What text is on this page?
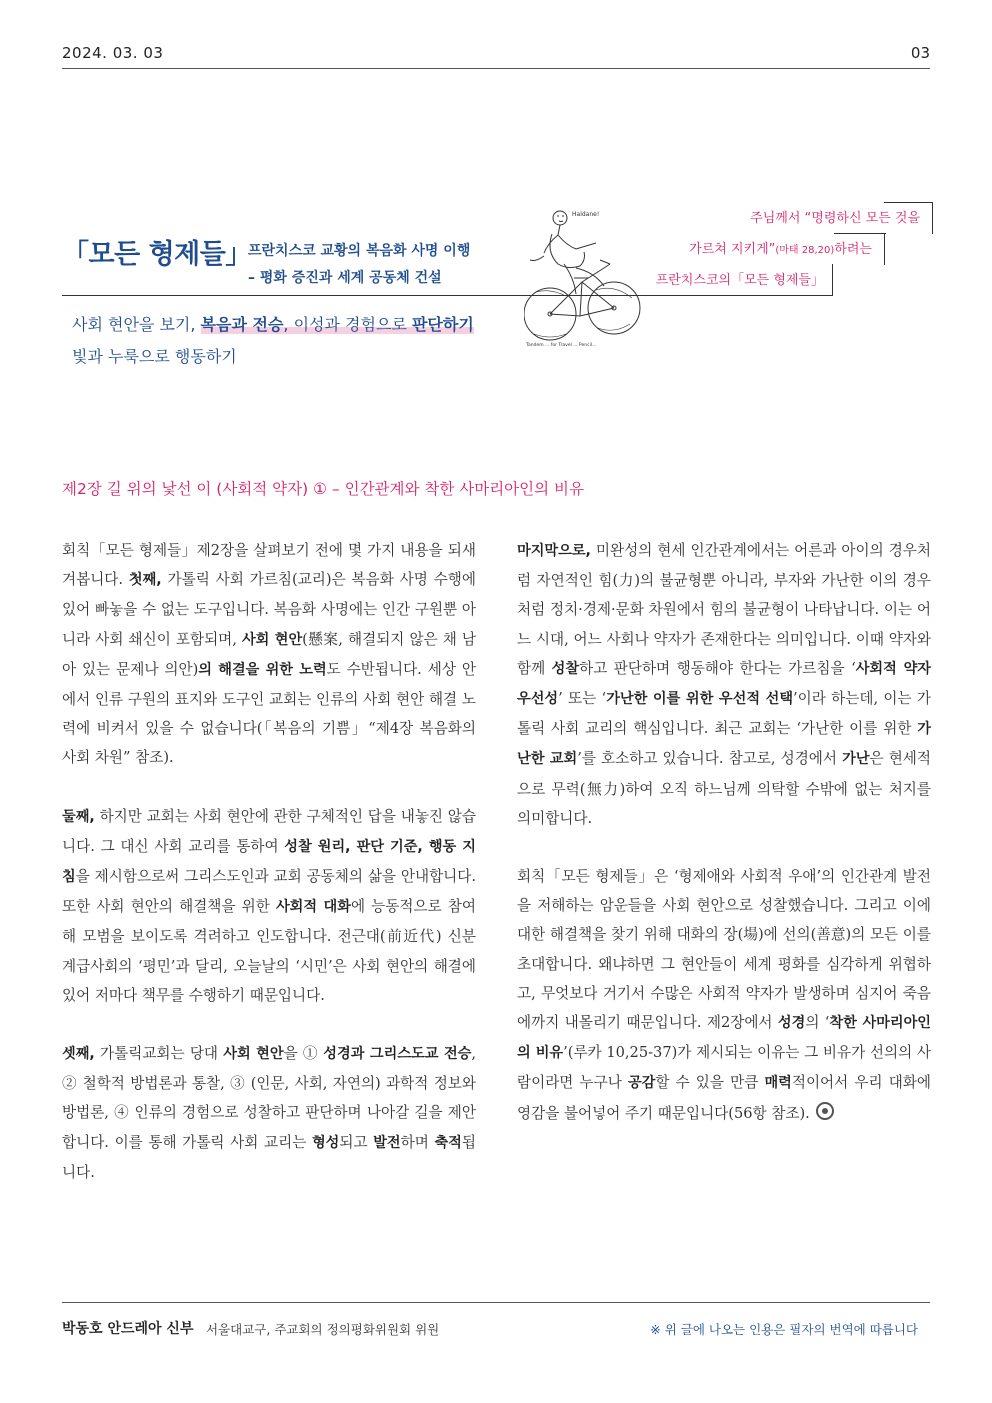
2024. 03. 03	03
「모든 형제들」
프란치스코 교황의 복음화 사명 이행
– 평화 증진과 세계 공동체 건설
사회 현안을 보기, 복음과 전승, 이성과 경험으로 판단하기
빛과 누룩으로 행동하기
Haldane!
Tandem ... for Travel ... Pencil...
주님께서 “명령하신 모든 것을
가르쳐 지키게”(마태 28,20)하려는
프란치스코의「모든 형제들」
제2장 길 위의 낯선 이 (사회적 약자) ① – 인간관계와 착한 사마리아인의 비유

회칙「모든 형제들」제2장을 살펴보기 전에 몇 가지 내용을 되새겨봅니다. 첫째, 가톨릭 사회 가르침(교리)은 복음화 사명 수행에 있어 빠놓을 수 없는 도구입니다. 복음화 사명에는 인간 구원뿐 아니라 사회 쇄신이 포함되며, 사회 현안(懸案, 해결되지 않은 채 남아 있는 문제나 의안)의 해결을 위한 노력도 수반됩니다. 세상 안에서 인류 구원의 표지와 도구인 교회는 인류의 사회 현안 해결 노력에 비켜서 있을 수 없습니다(「복음의 기쁨」“제4장 복음화의 사회 차원” 참조).

둘째, 하지만 교회는 사회 현안에 관한 구체적인 답을 내놓진 않습니다. 그 대신 사회 교리를 통하여 성찰 원리, 판단 기준, 행동 지침을 제시함으로써 그리스도인과 교회 공동체의 삶을 안내합니다. 또한 사회 현안의 해결책을 위한 사회적 대화에 능동적으로 참여해 모범을 보이도록 격려하고 인도합니다. 전근대(前近代) 신분 계급사회의 ‘평민’과 달리, 오늘날의 ‘시민’은 사회 현안의 해결에 있어 저마다 책무를 수행하기 때문입니다.

셋째, 가톨릭교회는 당대 사회 현안을 ① 성경과 그리스도교 전승, ② 철학적 방법론과 통찰, ③ (인문, 사회, 자연의) 과학적 정보와 방법론, ④ 인류의 경험으로 성찰하고 판단하며 나아갈 길을 제안합니다. 이를 통해 가톨릭 사회 교리는 형성되고 발전하며 축적됩니다.

마지막으로, 미완성의 현세 인간관계에서는 어른과 아이의 경우처럼 자연적인 힘(力)의 불균형뿐 아니라, 부자와 가난한 이의 경우처럼 정치·경제·문화 차원에서 힘의 불균형이 나타납니다. 이는 어느 시대, 어느 사회나 약자가 존재한다는 의미입니다. 이때 약자와 함께 성찰하고 판단하며 행동해야 한다는 가르침을 ‘사회적 약자 우선성’ 또는 ‘가난한 이를 위한 우선적 선택’이라 하는데, 이는 가톨릭 사회 교리의 핵심입니다. 최근 교회는 ‘가난한 이를 위한 가난한 교회’를 호소하고 있습니다. 참고로, 성경에서 가난은 현세적으로 무력(無力)하여 오직 하느님께 의탁할 수밖에 없는 처지를 의미합니다.

회칙「모든 형제들」은 ‘형제애와 사회적 우애’의 인간관계 발전을 저해하는 암운들을 사회 현안으로 성찰했습니다. 그리고 이에 대한 해결책을 찾기 위해 대화의 장(場)에 선의(善意)의 모든 이를 초대합니다. 왜냐하면 그 현안들이 세계 평화를 심각하게 위협하고, 무엇보다 거기서 수많은 사회적 약자가 발생하며 심지어 죽음에까지 내몰리기 때문입니다. 제2장에서 성경의 ‘착한 사마리아인의 비유’(루카 10,25-37)가 제시되는 이유는 그 비유가 선의의 사람이라면 누구나 공감할 수 있을 만큼 매력적이어서 우리 대화에 영감을 불어넣어 주기 때문입니다(56항 참조).

박동호 안드레아 신부 서울대교구, 주교회의 정의평화위원회 위원	※ 위 글에 나오는 인용은 필자의 번역에 따릅니다
